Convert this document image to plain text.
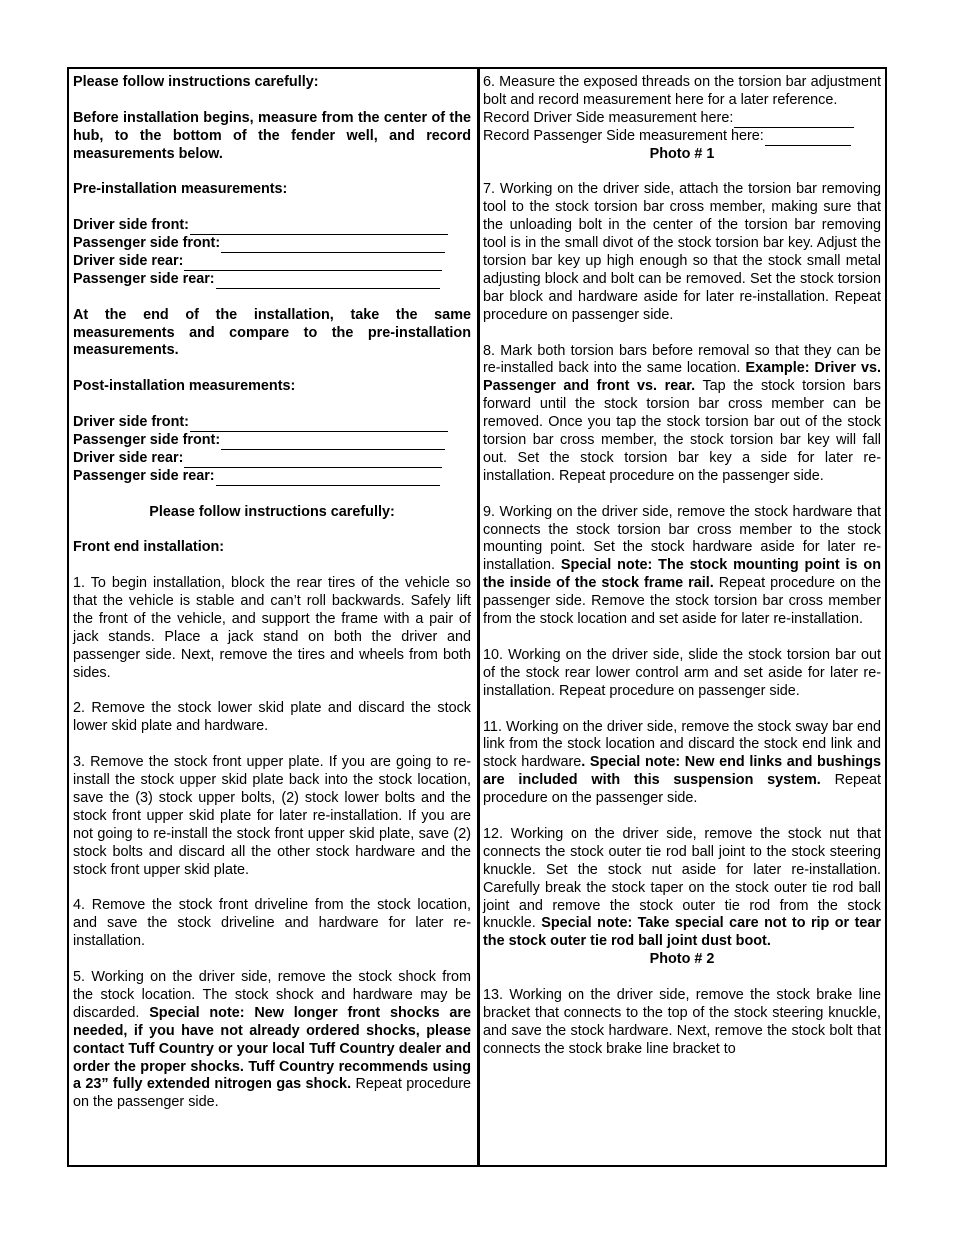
Please follow instructions carefully:

Before installation begins, measure from the center of the hub, to the bottom of the fender well, and record measurements below.

Pre-installation measurements:

Driver side front:
Passenger side front:
Driver side rear:
Passenger side rear:

At the end of the installation, take the same measurements and compare to the pre-installation measurements.

Post-installation measurements:

Driver side front:
Passenger side front:
Driver side rear:
Passenger side rear:

Please follow instructions carefully:

Front end installation:

1. To begin installation, block the rear tires of the vehicle so that the vehicle is stable and can’t roll backwards. Safely lift the front of the vehicle, and support the frame with a pair of jack stands. Place a jack stand on both the driver and passenger side. Next, remove the tires and wheels from both sides.

2. Remove the stock lower skid plate and discard the stock lower skid plate and hardware.

3. Remove the stock front upper plate. If you are going to re-install the stock upper skid plate back into the stock location, save the (3) stock upper bolts, (2) stock lower bolts and the stock front upper skid plate for later re-installation. If you are not going to re-install the stock front upper skid plate, save (2) stock bolts and discard all the other stock hardware and the stock front upper skid plate.

4. Remove the stock front driveline from the stock location, and save the stock driveline and hardware for later re-installation.

5. Working on the driver side, remove the stock shock from the stock location. The stock shock and hardware may be discarded. Special note: New longer front shocks are needed, if you have not already ordered shocks, please contact Tuff Country or your local Tuff Country dealer and order the proper shocks. Tuff Country recommends using a 23” fully extended nitrogen gas shock. Repeat procedure on the passenger side.

6. Measure the exposed threads on the torsion bar adjustment bolt and record measurement here for a later reference.

Record Driver Side measurement here:
Record Passenger Side measurement here:

Photo # 1

7. Working on the driver side, attach the torsion bar removing tool to the stock torsion bar cross member, making sure that the unloading bolt in the center of the torsion bar removing tool is in the small divot of the stock torsion bar key. Adjust the torsion bar key up high enough so that the stock small metal adjusting block and bolt can be removed. Set the stock torsion bar block and hardware aside for later re-installation. Repeat procedure on passenger side.

8. Mark both torsion bars before removal so that they can be re-installed back into the same location. Example: Driver vs. Passenger and front vs. rear. Tap the stock torsion bars forward until the stock torsion bar cross member can be removed. Once you tap the stock torsion bar out of the stock torsion bar cross member, the stock torsion bar key will fall out. Set the stock torsion bar key a side for later re-installation. Repeat procedure on the passenger side.

9. Working on the driver side, remove the stock hardware that connects the stock torsion bar cross member to the stock mounting point. Set the stock hardware aside for later re-installation. Special note: The stock mounting point is on the inside of the stock frame rail. Repeat procedure on the passenger side. Remove the stock torsion bar cross member from the stock location and set aside for later re-installation.

10. Working on the driver side, slide the stock torsion bar out of the stock rear lower control arm and set aside for later re-installation. Repeat procedure on passenger side.

11. Working on the driver side, remove the stock sway bar end link from the stock location and discard the stock end link and stock hardware. Special note: New end links and bushings are included with this suspension system. Repeat procedure on the passenger side.

12. Working on the driver side, remove the stock nut that connects the stock outer tie rod ball joint to the stock steering knuckle. Set the stock nut aside for later re-installation. Carefully break the stock taper on the stock outer tie rod ball joint and remove the stock outer tie rod from the stock knuckle. Special note: Take special care not to rip or tear the stock outer tie rod ball joint dust boot.

Photo # 2

13. Working on the driver side, remove the stock brake line bracket that connects to the top of the stock steering knuckle, and save the stock hardware. Next, remove the stock bolt that connects the stock brake line bracket to
